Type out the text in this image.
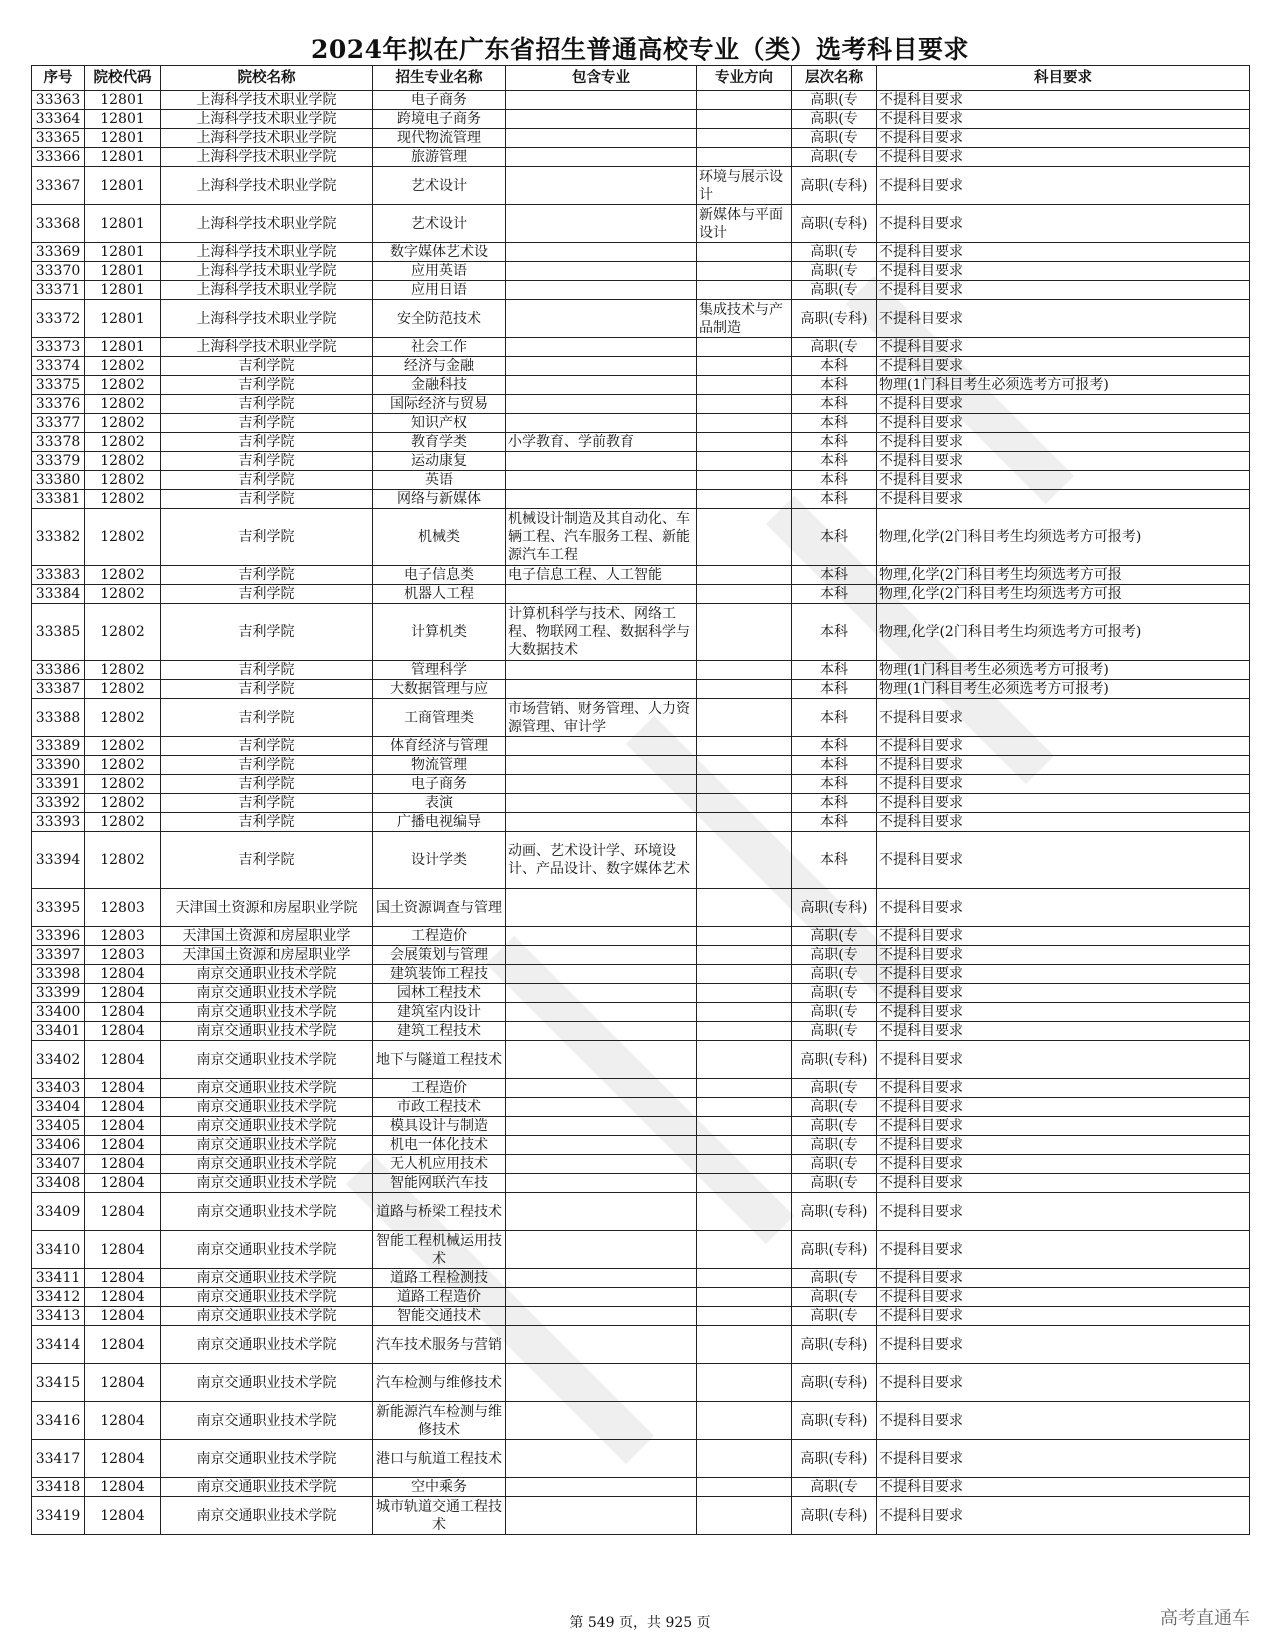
2024年拟在广东省招生普通高校专业（类）选考科目要求
序号	院校代码	院校名称	招生专业名称	包含专业	专业方向	层次名称	科目要求
33363	12801	上海科学技术职业学院	电子商务			高职(专	不提科目要求
33364	12801	上海科学技术职业学院	跨境电子商务			高职(专	不提科目要求
33365	12801	上海科学技术职业学院	现代物流管理			高职(专	不提科目要求
33366	12801	上海科学技术职业学院	旅游管理			高职(专	不提科目要求
33367	12801	上海科学技术职业学院	艺术设计		环境与展示设计	高职(专科)	不提科目要求
33368	12801	上海科学技术职业学院	艺术设计		新媒体与平面设计	高职(专科)	不提科目要求
33369	12801	上海科学技术职业学院	数字媒体艺术设			高职(专	不提科目要求
33370	12801	上海科学技术职业学院	应用英语			高职(专	不提科目要求
33371	12801	上海科学技术职业学院	应用日语			高职(专	不提科目要求
33372	12801	上海科学技术职业学院	安全防范技术		集成技术与产品制造	高职(专科)	不提科目要求
33373	12801	上海科学技术职业学院	社会工作			高职(专	不提科目要求
33374	12802	吉利学院	经济与金融			本科	不提科目要求
33375	12802	吉利学院	金融科技			本科	物理(1门科目考生必须选考方可报考)
33376	12802	吉利学院	国际经济与贸易			本科	不提科目要求
33377	12802	吉利学院	知识产权			本科	不提科目要求
33378	12802	吉利学院	教育学类	小学教育、学前教育		本科	不提科目要求
33379	12802	吉利学院	运动康复			本科	不提科目要求
33380	12802	吉利学院	英语			本科	不提科目要求
33381	12802	吉利学院	网络与新媒体			本科	不提科目要求
33382	12802	吉利学院	机械类	机械设计制造及其自动化、车辆工程、汽车服务工程、新能源汽车工程		本科	物理,化学(2门科目考生均须选考方可报考)
33383	12802	吉利学院	电子信息类	电子信息工程、人工智能		本科	物理,化学(2门科目考生均须选考方可报
33384	12802	吉利学院	机器人工程			本科	物理,化学(2门科目考生均须选考方可报
33385	12802	吉利学院	计算机类	计算机科学与技术、网络工程、物联网工程、数据科学与大数据技术		本科	物理,化学(2门科目考生均须选考方可报考)
33386	12802	吉利学院	管理科学			本科	物理(1门科目考生必须选考方可报考)
33387	12802	吉利学院	大数据管理与应			本科	物理(1门科目考生必须选考方可报考)
33388	12802	吉利学院	工商管理类	市场营销、财务管理、人力资源管理、审计学		本科	不提科目要求
33389	12802	吉利学院	体育经济与管理			本科	不提科目要求
33390	12802	吉利学院	物流管理			本科	不提科目要求
33391	12802	吉利学院	电子商务			本科	不提科目要求
33392	12802	吉利学院	表演			本科	不提科目要求
33393	12802	吉利学院	广播电视编导			本科	不提科目要求
33394	12802	吉利学院	设计学类	动画、艺术设计学、环境设计、产品设计、数字媒体艺术		本科	不提科目要求
33395	12803	天津国土资源和房屋职业学院	国土资源调查与管理			高职(专科)	不提科目要求
33396	12803	天津国土资源和房屋职业学	工程造价			高职(专	不提科目要求
33397	12803	天津国土资源和房屋职业学	会展策划与管理			高职(专	不提科目要求
33398	12804	南京交通职业技术学院	建筑装饰工程技			高职(专	不提科目要求
33399	12804	南京交通职业技术学院	园林工程技术			高职(专	不提科目要求
33400	12804	南京交通职业技术学院	建筑室内设计			高职(专	不提科目要求
33401	12804	南京交通职业技术学院	建筑工程技术			高职(专	不提科目要求
33402	12804	南京交通职业技术学院	地下与隧道工程技术			高职(专科)	不提科目要求
33403	12804	南京交通职业技术学院	工程造价			高职(专	不提科目要求
33404	12804	南京交通职业技术学院	市政工程技术			高职(专	不提科目要求
33405	12804	南京交通职业技术学院	模具设计与制造			高职(专	不提科目要求
33406	12804	南京交通职业技术学院	机电一体化技术			高职(专	不提科目要求
33407	12804	南京交通职业技术学院	无人机应用技术			高职(专	不提科目要求
33408	12804	南京交通职业技术学院	智能网联汽车技			高职(专	不提科目要求
33409	12804	南京交通职业技术学院	道路与桥梁工程技术			高职(专科)	不提科目要求
33410	12804	南京交通职业技术学院	智能工程机械运用技术			高职(专科)	不提科目要求
33411	12804	南京交通职业技术学院	道路工程检测技			高职(专	不提科目要求
33412	12804	南京交通职业技术学院	道路工程造价			高职(专	不提科目要求
33413	12804	南京交通职业技术学院	智能交通技术			高职(专	不提科目要求
33414	12804	南京交通职业技术学院	汽车技术服务与营销			高职(专科)	不提科目要求
33415	12804	南京交通职业技术学院	汽车检测与维修技术			高职(专科)	不提科目要求
33416	12804	南京交通职业技术学院	新能源汽车检测与维修技术			高职(专科)	不提科目要求
33417	12804	南京交通职业技术学院	港口与航道工程技术			高职(专科)	不提科目要求
33418	12804	南京交通职业技术学院	空中乘务			高职(专	不提科目要求
33419	12804	南京交通职业技术学院	城市轨道交通工程技术			高职(专科)	不提科目要求
第 549 页，共 925 页	高考直通车
